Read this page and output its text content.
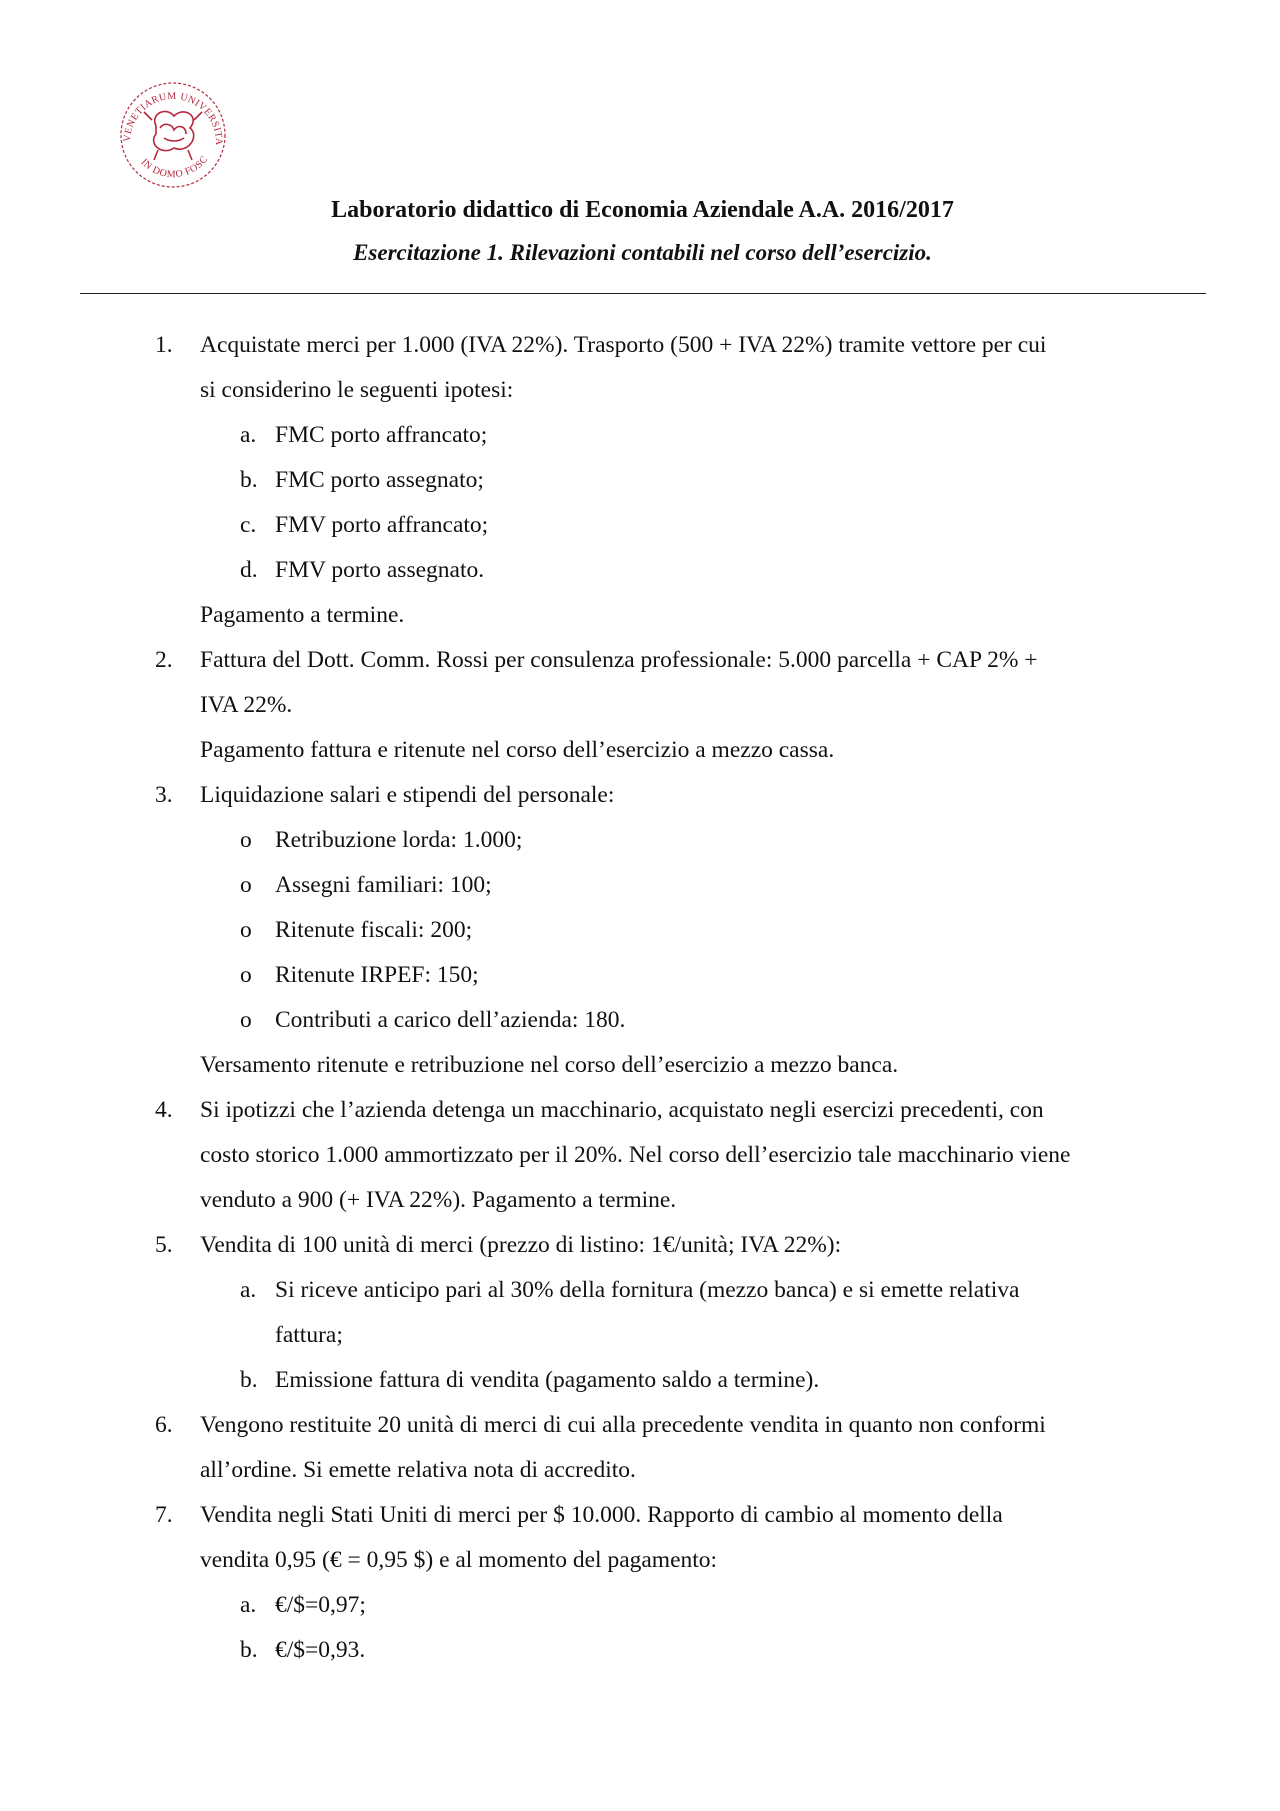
VENETIARUM UNIVERSITA
IN DOMO FOSC
Laboratorio didattico di Economia Aziendale A.A. 2016/2017
Esercitazione 1. Rilevazioni contabili nel corso dell’esercizio.
1. Acquistate merci per 1.000 (IVA 22%). Trasporto (500 + IVA 22%) tramite vettore per cui
si considerino le seguenti ipotesi:
a. FMC porto affrancato;
b. FMC porto assegnato;
c. FMV porto affrancato;
d. FMV porto assegnato.
Pagamento a termine.
2. Fattura del Dott. Comm. Rossi per consulenza professionale: 5.000 parcella + CAP 2% +
IVA 22%.
Pagamento fattura e ritenute nel corso dell’esercizio a mezzo cassa.
3. Liquidazione salari e stipendi del personale:
o Retribuzione lorda: 1.000;
o Assegni familiari: 100;
o Ritenute fiscali: 200;
o Ritenute IRPEF: 150;
o Contributi a carico dell’azienda: 180.
Versamento ritenute e retribuzione nel corso dell’esercizio a mezzo banca.
4. Si ipotizzi che l’azienda detenga un macchinario, acquistato negli esercizi precedenti, con
costo storico 1.000 ammortizzato per il 20%. Nel corso dell’esercizio tale macchinario viene
venduto a 900 (+ IVA 22%). Pagamento a termine.
5. Vendita di 100 unità di merci (prezzo di listino: 1€/unità; IVA 22%):
a. Si riceve anticipo pari al 30% della fornitura (mezzo banca) e si emette relativa
fattura;
b. Emissione fattura di vendita (pagamento saldo a termine).
6. Vengono restituite 20 unità di merci di cui alla precedente vendita in quanto non conformi
all’ordine. Si emette relativa nota di accredito.
7. Vendita negli Stati Uniti di merci per $ 10.000. Rapporto di cambio al momento della
vendita 0,95 (€ = 0,95 $) e al momento del pagamento:
a. €/$=0,97;
b. €/$=0,93.
